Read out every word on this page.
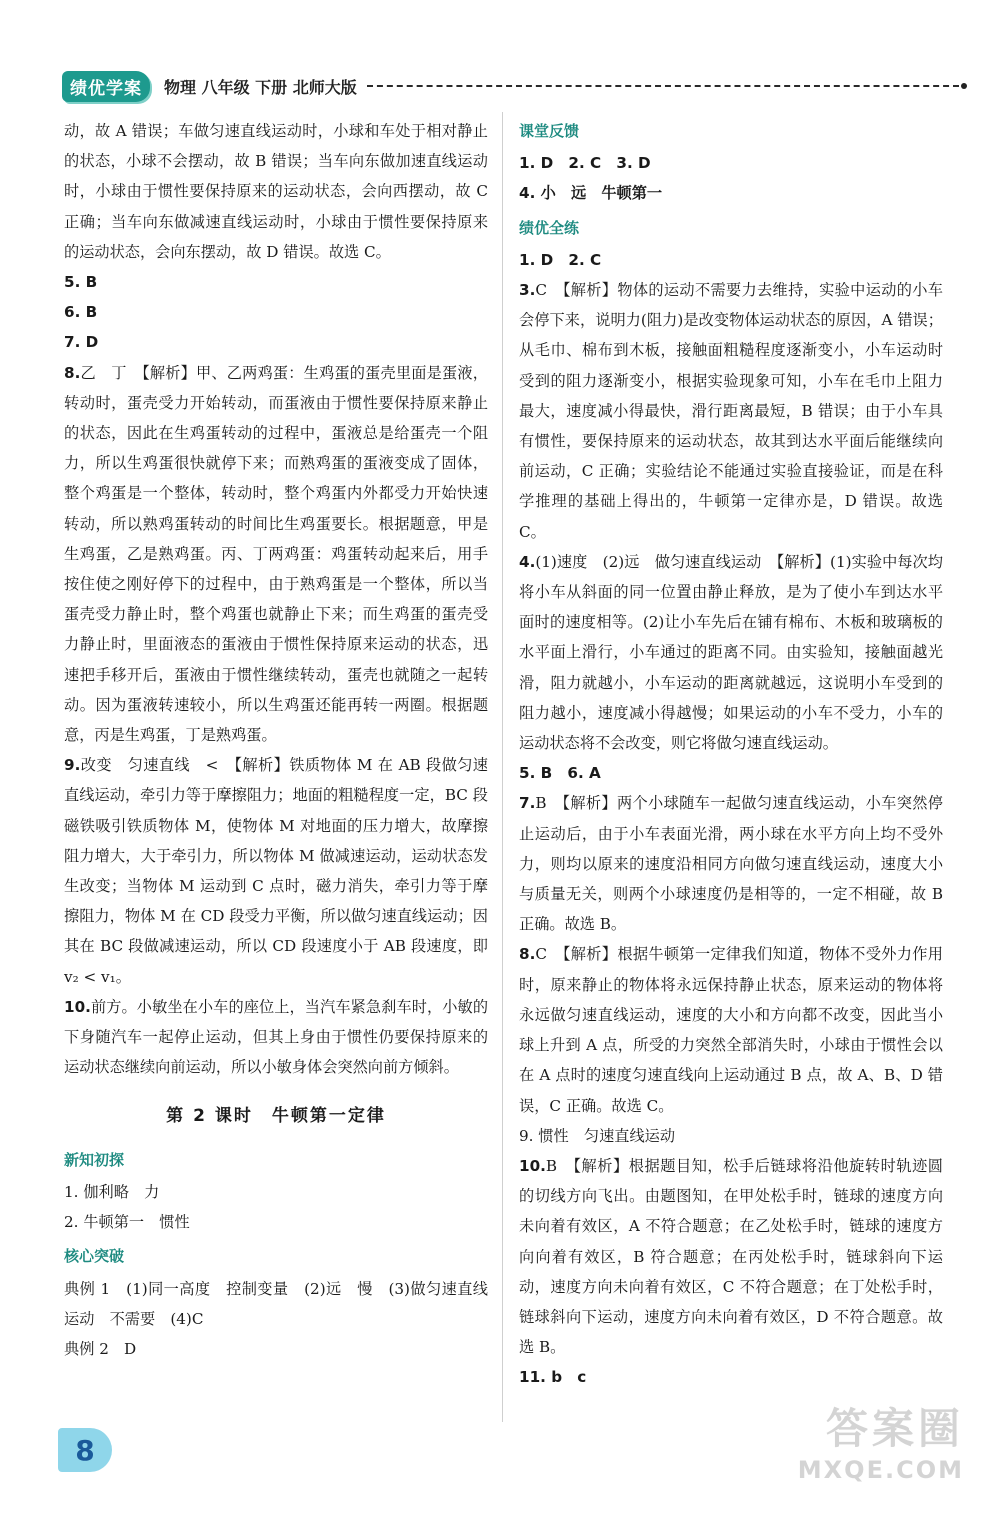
绩优学案	物理 八年级 下册 北师大版

动，故 A 错误；车做匀速直线运动时，小球和车处于相对静止的状态，小球不会摆动，故 B 错误；当车向东做加速直线运动时，小球由于惯性要保持原来的运动状态，会向西摆动，故 C 正确；当车向东做减速直线运动时，小球由于惯性要保持原来的运动状态，会向东摆动，故 D 错误。故选 C。

5. B

6. B

7. D

8.乙　丁　【解析】甲、乙两鸡蛋：生鸡蛋的蛋壳里面是蛋液，转动时，蛋壳受力开始转动，而蛋液由于惯性要保持原来静止的状态，因此在生鸡蛋转动的过程中，蛋液总是给蛋壳一个阻力，所以生鸡蛋很快就停下来；而熟鸡蛋的蛋液变成了固体，整个鸡蛋是一个整体，转动时，整个鸡蛋内外都受力开始快速转动，所以熟鸡蛋转动的时间比生鸡蛋要长。根据题意，甲是生鸡蛋，乙是熟鸡蛋。丙、丁两鸡蛋：鸡蛋转动起来后，用手按住使之刚好停下的过程中，由于熟鸡蛋是一个整体，所以当蛋壳受力静止时，整个鸡蛋也就静止下来；而生鸡蛋的蛋壳受力静止时，里面液态的蛋液由于惯性保持原来运动的状态，迅速把手移开后，蛋液由于惯性继续转动，蛋壳也就随之一起转动。因为蛋液转速较小，所以生鸡蛋还能再转一两圈。根据题意，丙是生鸡蛋，丁是熟鸡蛋。

9.改变　匀速直线　<　【解析】铁质物体 M 在 AB 段做匀速直线运动，牵引力等于摩擦阻力；地面的粗糙程度一定，BC 段磁铁吸引铁质物体 M，使物体 M 对地面的压力增大，故摩擦阻力增大，大于牵引力，所以物体 M 做减速运动，运动状态发生改变；当物体 M 运动到 C 点时，磁力消失，牵引力等于摩擦阻力，物体 M 在 CD 段受力平衡，所以做匀速直线运动；因其在 BC 段做减速运动，所以 CD 段速度小于 AB 段速度，即 v₂ < v₁。

10.前方。小敏坐在小车的座位上，当汽车紧急刹车时，小敏的下身随汽车一起停止运动，但其上身由于惯性仍要保持原来的运动状态继续向前运动，所以小敏身体会突然向前方倾斜。

第 2 课时　牛顿第一定律
新知初探

1. 伽利略　力

2. 牛顿第一　惯性

核心突破

典例 1　(1)同一高度　控制变量　(2)远　慢　(3)做匀速直线运动　不需要　(4)C

典例 2　D

课堂反馈

1. D　2. C　3. D

4. 小　远　牛顿第一

绩优全练

1. D　2. C

3.C　【解析】物体的运动不需要力去维持，实验中运动的小车会停下来，说明力(阻力)是改变物体运动状态的原因，A 错误；从毛巾、棉布到木板，接触面粗糙程度逐渐变小，小车运动时受到的阻力逐渐变小，根据实验现象可知，小车在毛巾上阻力最大，速度减小得最快，滑行距离最短，B 错误；由于小车具有惯性，要保持原来的运动状态，故其到达水平面后能继续向前运动，C 正确；实验结论不能通过实验直接验证，而是在科学推理的基础上得出的，牛顿第一定律亦是，D 错误。故选 C。

4.(1)速度　(2)远　做匀速直线运动　【解析】(1)实验中每次均将小车从斜面的同一位置由静止释放，是为了使小车到达水平面时的速度相等。(2)让小车先后在铺有棉布、木板和玻璃板的水平面上滑行，小车通过的距离不同。由实验知，接触面越光滑，阻力就越小，小车运动的距离就越远，这说明小车受到的阻力越小，速度减小得越慢；如果运动的小车不受力，小车的运动状态将不会改变，则它将做匀速直线运动。

5. B　6. A

7.B　【解析】两个小球随车一起做匀速直线运动，小车突然停止运动后，由于小车表面光滑，两小球在水平方向上均不受外力，则均以原来的速度沿相同方向做匀速直线运动，速度大小与质量无关，则两个小球速度仍是相等的，一定不相碰，故 B 正确。故选 B。

8.C　【解析】根据牛顿第一定律我们知道，物体不受外力作用时，原来静止的物体将永远保持静止状态，原来运动的物体将永远做匀速直线运动，速度的大小和方向都不改变，因此当小球上升到 A 点，所受的力突然全部消失时，小球由于惯性会以在 A 点时的速度匀速直线向上运动通过 B 点，故 A、B、D 错误，C 正确。故选 C。

9. 惯性　匀速直线运动

10.B　【解析】根据题目知，松手后链球将沿他旋转时轨迹圆的切线方向飞出。由题图知，在甲处松手时，链球的速度方向未向着有效区，A 不符合题意；在乙处松手时，链球的速度方向向着有效区，B 符合题意；在丙处松手时，链球斜向下运动，速度方向未向着有效区，C 不符合题意；在丁处松手时，链球斜向下运动，速度方向未向着有效区，D 不符合题意。故选 B。

11. b　c

8	答案圈
MXQE.COM
